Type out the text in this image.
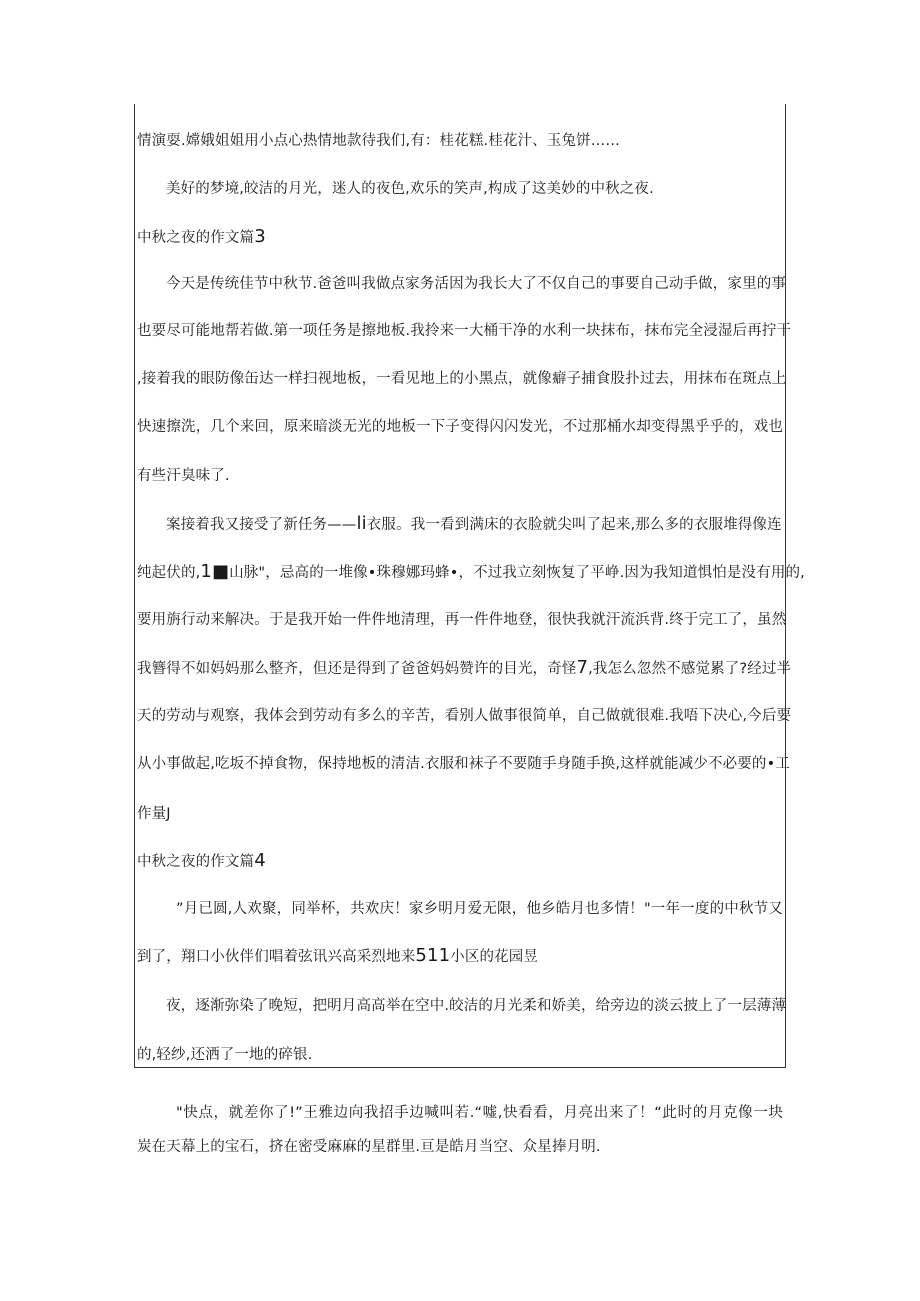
情演耍.嫦娥姐姐用小点心热情地款待我们,有：桂花糕.桂花汁、玉兔饼……
美好的梦境,皎洁的月光，迷人的夜色,欢乐的笑声,构成了这美妙的中秋之夜.
中秋之夜的作文篇3
今天是传统佳节中秋节.爸爸叫我做点家务活因为我长大了不仅自己的事要自己动手做，家里的事
也要尽可能地帮若做.第一项任务是擦地板.我拎来一大桶干净的水利一块抹布，抹布完全浸湿后再拧干
,接着我的眼防像缶达一样扫视地板，一看见地上的小黑点，就像癖子捕食股扑过去，用抹布在斑点上
快速擦洗，几个来回，原来暗淡无光的地板一下子变得闪闪发光，不过那桶水却变得黑乎乎的，戏也
有些汗臭味了.
案接着我又接受了新任务——li衣服。我一看到满床的衣脸就尖叫了起来,那么多的衣服堆得像连
纯起伏的,1■山脉"，忌高的一堆像•珠穆娜玛蜂•，不过我立刻恢复了平峥.因为我知道惧怕是没有用的,
要用旃行动来解决。于是我开始一件件地清理，再一件件地登，很快我就汗流浜背.终于完工了，虽然
我簪得不如妈妈那么整齐，但还是得到了爸爸妈妈赞许的目光，奇怪7,我怎么忽然不感觉累了?经过半
天的劳动与观察，我体会到劳动有多么的辛苦，看别人做事很简单，自己做就很难.我唔下决心,今后要
从小事做起,吃坂不掉食物，保持地板的清洁.衣服和袜子不要随手身随手换,这样就能减少不必要的•工
作量J
中秋之夜的作文篇4
”月已圆,人欢聚，同举杯，共欢庆！家乡明月爱无限，他乡皓月也多情！"一年一度的中秋节又
到了，翔口小伙伴们唱着弦讯兴高采烈地来511小区的花园昱
夜，逐渐弥染了晚短，把明月高高举在空中.皎洁的月光柔和娇美，给旁边的淡云披上了一层薄薄
的,轻纱,还洒了一地的碎银.
"快点，就差你了!”王雅边向我招手边喊叫若.“嘘,快看看，月亮出来了！“此时的月克像一块
炭在天幕上的宝石，挤在密受麻麻的星群里.亘是皓月当空、众星捧月明.
